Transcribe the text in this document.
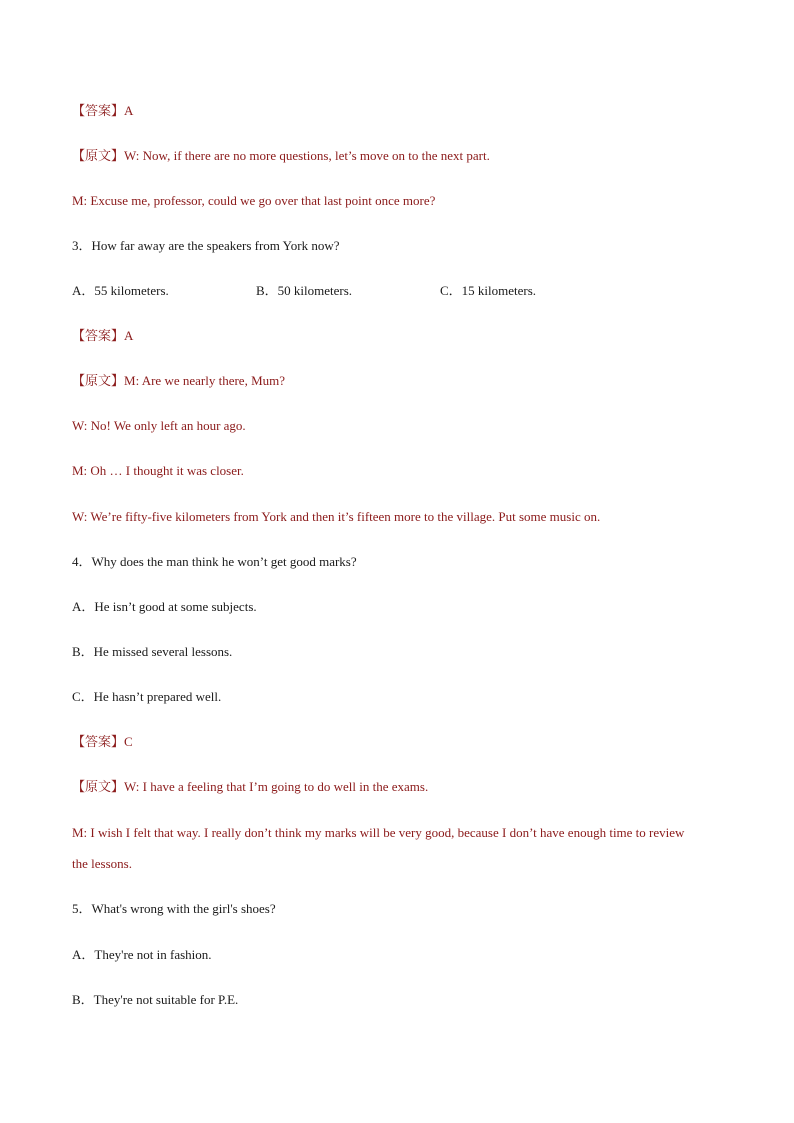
【答案】A
【原文】W: Now, if there are no more questions, let’s move on to the next part.
M: Excuse me, professor, could we go over that last point once more?
3．How far away are the speakers from York now?
A．55 kilometers.	B．50 kilometers.	C．15 kilometers.
【答案】A
【原文】M: Are we nearly there, Mum?
W: No! We only left an hour ago.
M: Oh … I thought it was closer.
W: We’re fifty-five kilometers from York and then it’s fifteen more to the village. Put some music on.
4．Why does the man think he won’t get good marks?
A．He isn’t good at some subjects.
B．He missed several lessons.
C．He hasn’t prepared well.
【答案】C
【原文】W: I have a feeling that I’m going to do well in the exams.
M: I wish I felt that way. I really don’t think my marks will be very good, because I don’t have enough time to review the lessons.
5．What's wrong with the girl's shoes?
A．They're not in fashion.
B．They're not suitable for P.E.
